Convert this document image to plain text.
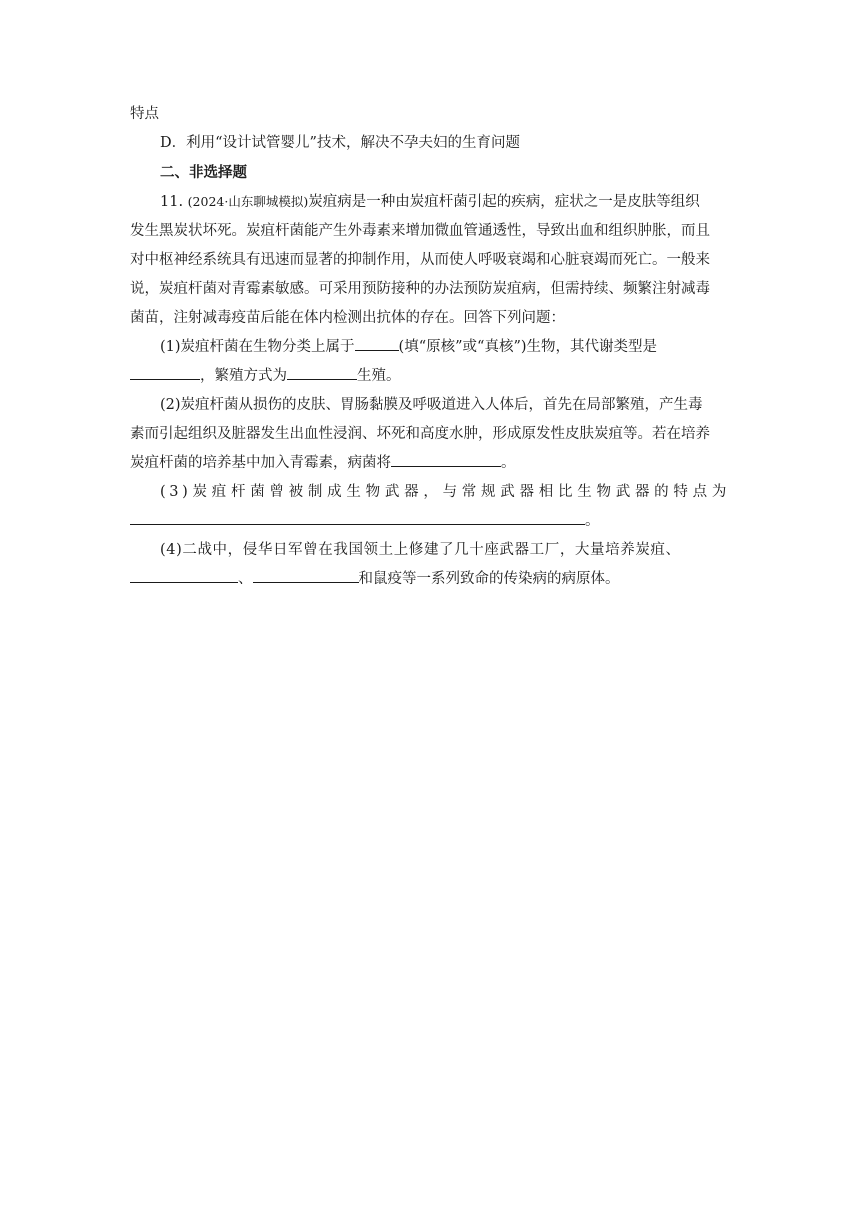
特点
D．利用“设计试管婴儿”技术，解决不孕夫妇的生育问题
二、非选择题
11. (2024·山东聊城模拟)炭疽病是一种由炭疽杆菌引起的疾病，症状之一是皮肤等组织
发生黑炭状坏死。炭疽杆菌能产生外毒素来增加微血管通透性，导致出血和组织肿胀，而且
对中枢神经系统具有迅速而显著的抑制作用，从而使人呼吸衰竭和心脏衰竭而死亡。一般来
说，炭疽杆菌对青霉素敏感。可采用预防接种的办法预防炭疽病，但需持续、频繁注射减毒
菌苗，注射减毒疫苗后能在体内检测出抗体的存在。回答下列问题：
(1)炭疽杆菌在生物分类上属于	(填“原核”或“真核”)生物，其代谢类型是
，繁殖方式为	生殖。
(2)炭疽杆菌从损伤的皮肤、胃肠黏膜及呼吸道进入人体后，首先在局部繁殖，产生毒
素而引起组织及脏器发生出血性浸润、坏死和高度水肿，形成原发性皮肤炭疽等。若在培养
炭疽杆菌的培养基中加入青霉素，病菌将	。
(3)炭疽杆菌曾被制成生物武器，与常规武器相比生物武器的特点为
。
(4)二战中，侵华日军曾在我国领土上修建了几十座武器工厂，大量培养炭疽、
、	和鼠疫等一系列致命的传染病的病原体。
